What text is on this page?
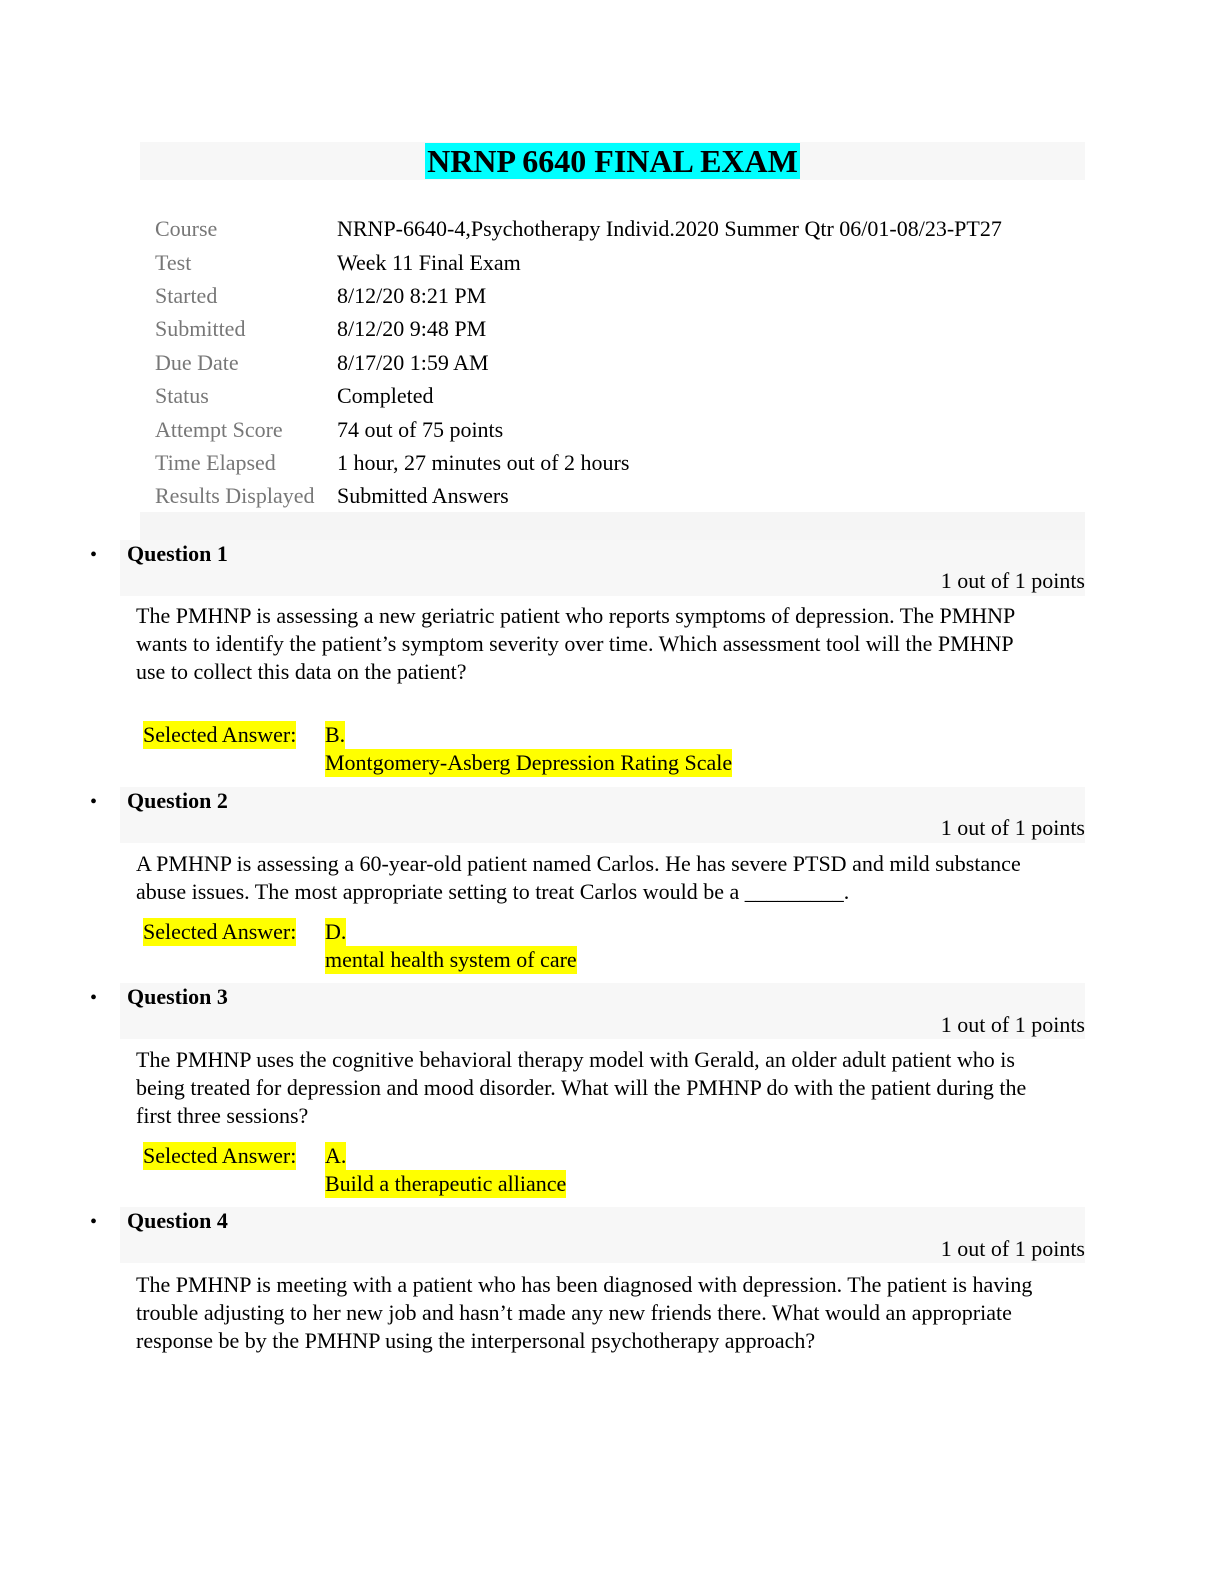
NRNP 6640 FINAL EXAM
Course	NRNP-6640-4,Psychotherapy Individ.2020 Summer Qtr 06/01-08/23-PT27
Test	Week 11 Final Exam
Started	8/12/20 8:21 PM
Submitted	8/12/20 9:48 PM
Due Date	8/17/20 1:59 AM
Status	Completed
Attempt Score 74 out of 75 points
Time Elapsed	1 hour, 27 minutes out of 2 hours
Results Displayed Submitted Answers
• Question 1
1 out of 1 points
The PMHNP is assessing a new geriatric patient who reports symptoms of depression. The PMHNP wants to identify the patient’s symptom severity over time. Which assessment tool will the PMHNP use to collect this data on the patient?
Selected Answer: B.
Montgomery-Asberg Depression Rating Scale
• Question 2
1 out of 1 points
A PMHNP is assessing a 60-year-old patient named Carlos. He has severe PTSD and mild substance abuse issues. The most appropriate setting to treat Carlos would be a _________.
Selected Answer: D.
mental health system of care
• Question 3
1 out of 1 points
The PMHNP uses the cognitive behavioral therapy model with Gerald, an older adult patient who is being treated for depression and mood disorder. What will the PMHNP do with the patient during the first three sessions?
Selected Answer: A.
Build a therapeutic alliance
• Question 4
1 out of 1 points
The PMHNP is meeting with a patient who has been diagnosed with depression. The patient is having trouble adjusting to her new job and hasn’t made any new friends there. What would an appropriate response be by the PMHNP using the interpersonal psychotherapy approach?
